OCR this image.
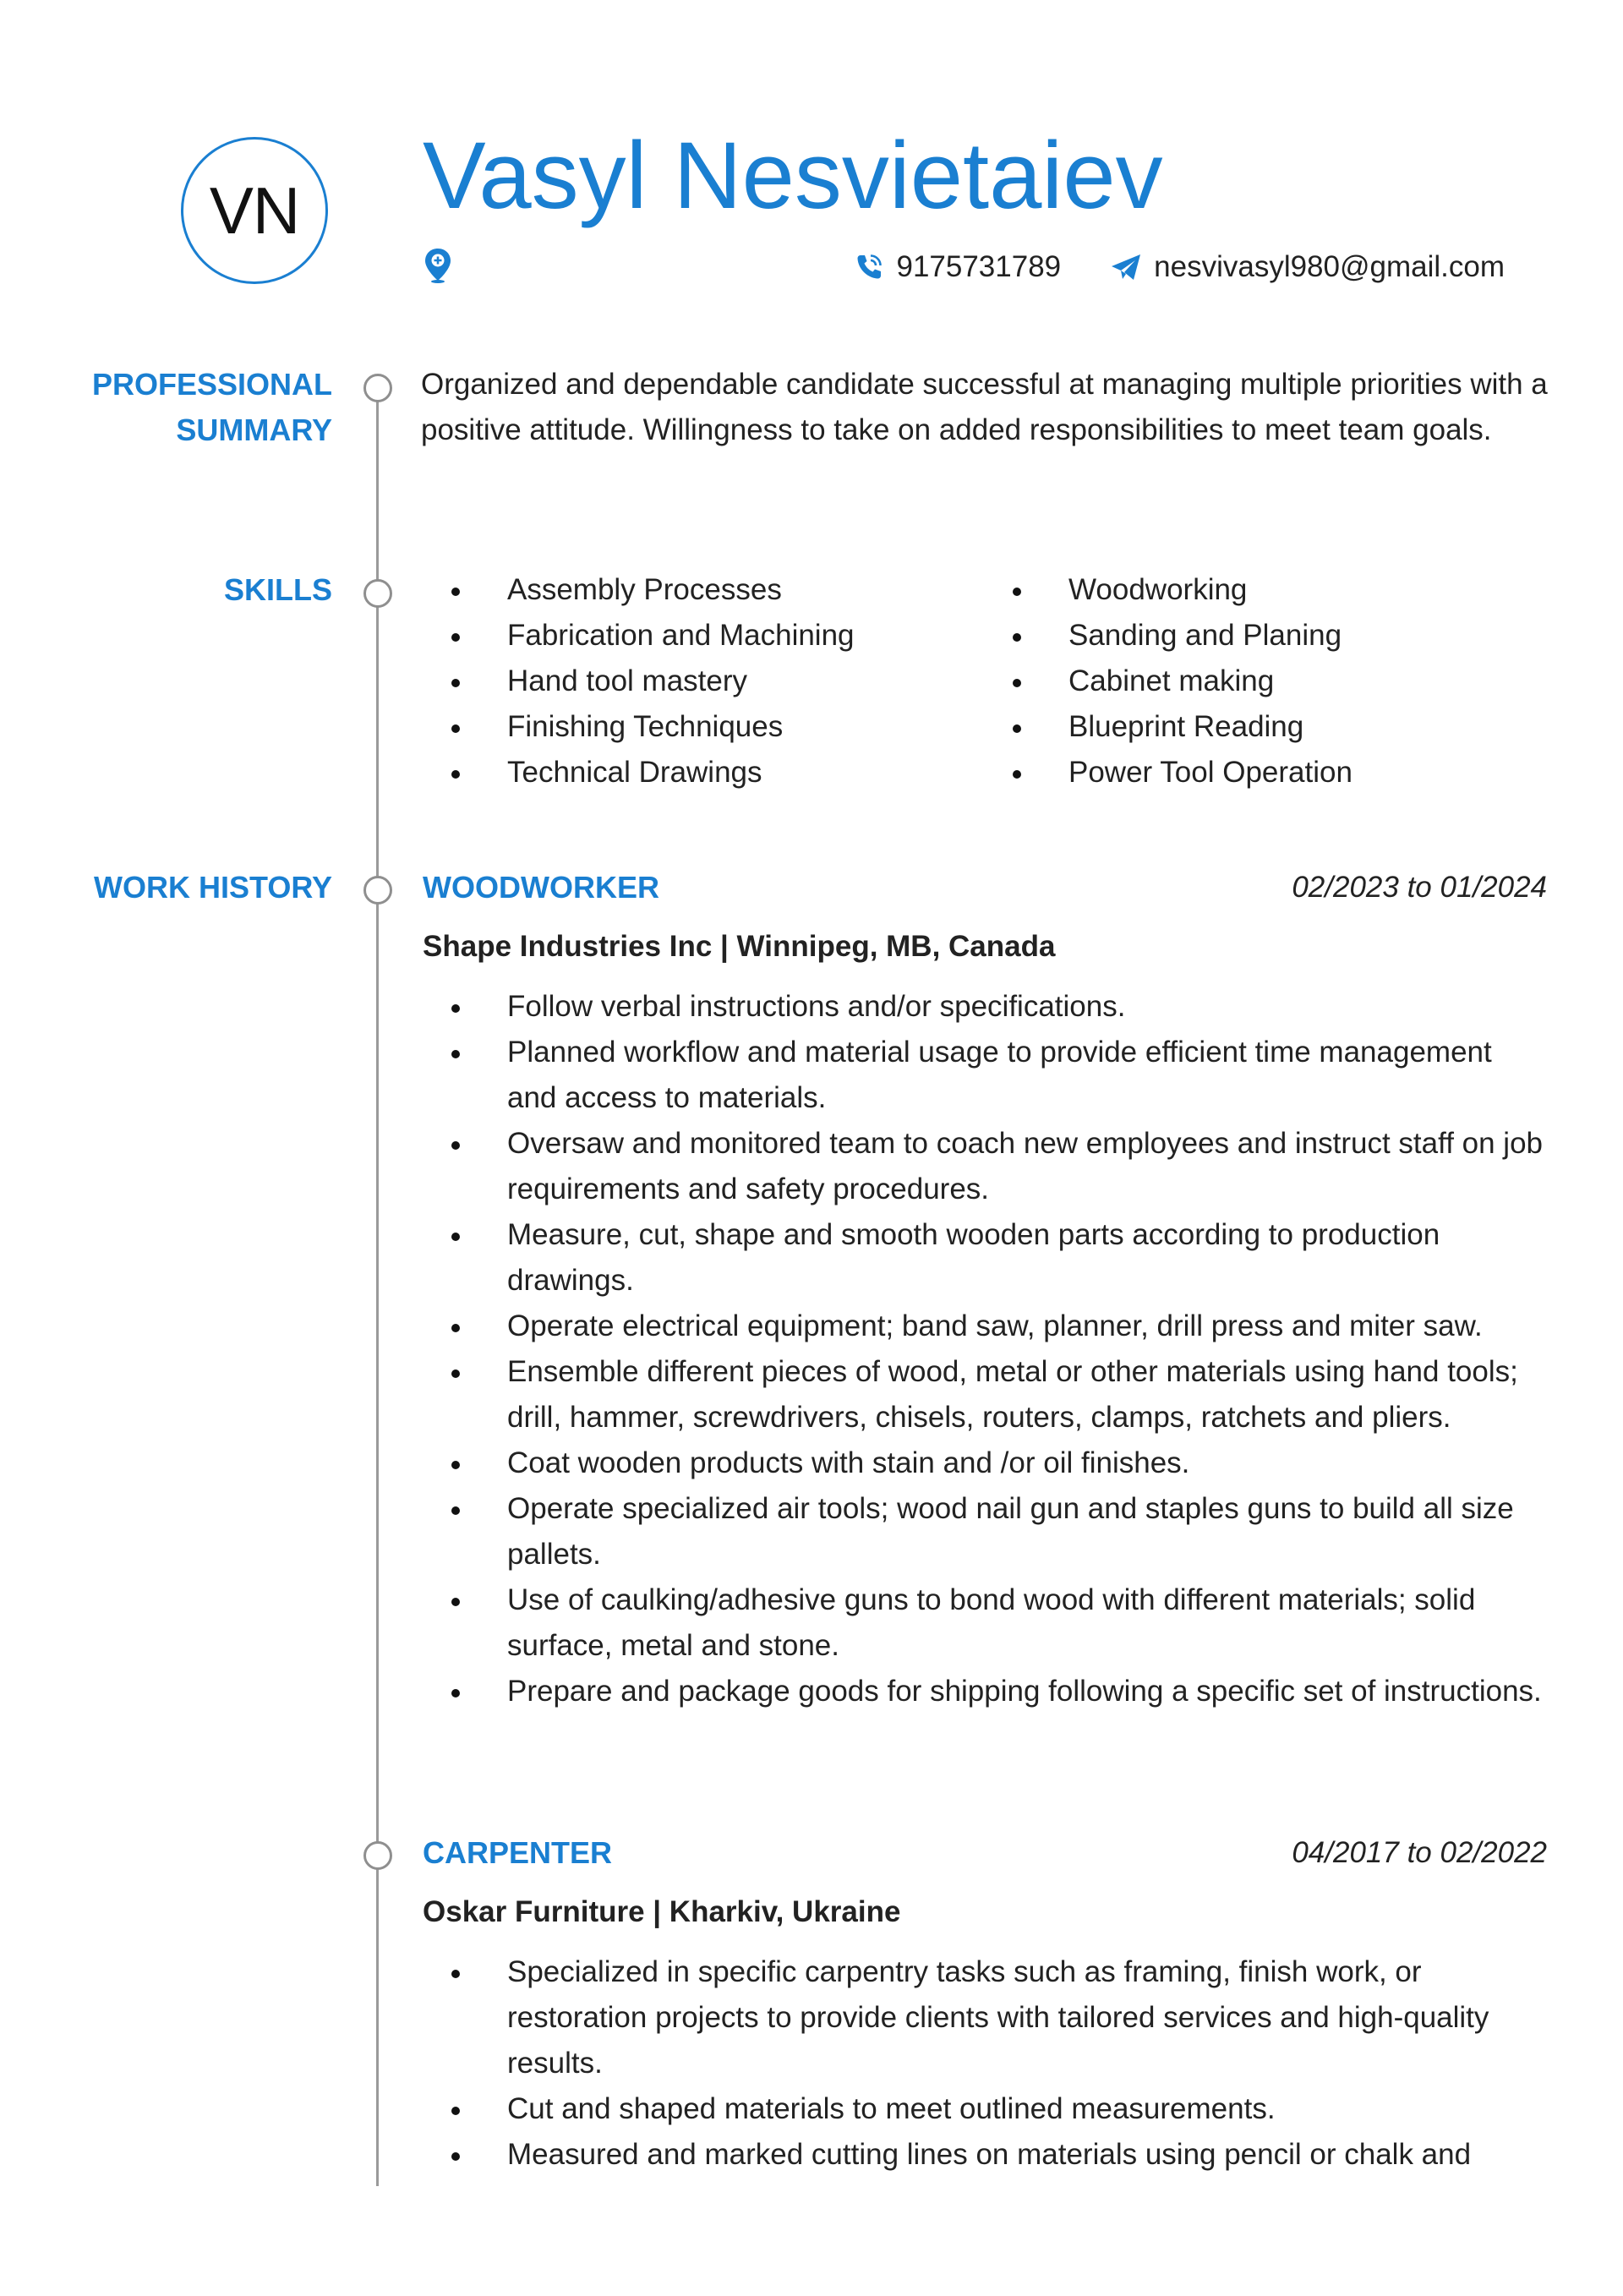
VN Vasyl Nesvietaiev
9175731789	nesvivasyl980@gmail.com
PROFESSIONAL
SUMMARY
Organized and dependable candidate successful at managing multiple priorities with a positive attitude. Willingness to take on added responsibilities to meet team goals.
SKILLS	Assembly Processes
Fabrication and Machining
Hand tool mastery
Finishing Techniques
Technical Drawings
Woodworking
Sanding and Planing
Cabinet making
Blueprint Reading
Power Tool Operation
WORK HISTORY	WOODWORKER	02/2023 to 01/2024
Shape Industries Inc | Winnipeg, MB, Canada
Follow verbal instructions and/or specifications.
Planned workflow and material usage to provide efficient time management and access to materials.
Oversaw and monitored team to coach new employees and instruct staff on job requirements and safety procedures.
Measure, cut, shape and smooth wooden parts according to production drawings.
Operate electrical equipment; band saw, planner, drill press and miter saw.
Ensemble different pieces of wood, metal or other materials using hand tools; drill, hammer, screwdrivers, chisels, routers, clamps, ratchets and pliers.
Coat wooden products with stain and /or oil finishes.
Operate specialized air tools; wood nail gun and staples guns to build all size pallets.
Use of caulking/adhesive guns to bond wood with different materials; solid surface, metal and stone.
Prepare and package goods for shipping following a specific set of instructions.
CARPENTER	04/2017 to 02/2022
Oskar Furniture | Kharkiv, Ukraine
Specialized in specific carpentry tasks such as framing, finish work, or restoration projects to provide clients with tailored services and high-quality results.
Cut and shaped materials to meet outlined measurements.
Measured and marked cutting lines on materials using pencil or chalk and
